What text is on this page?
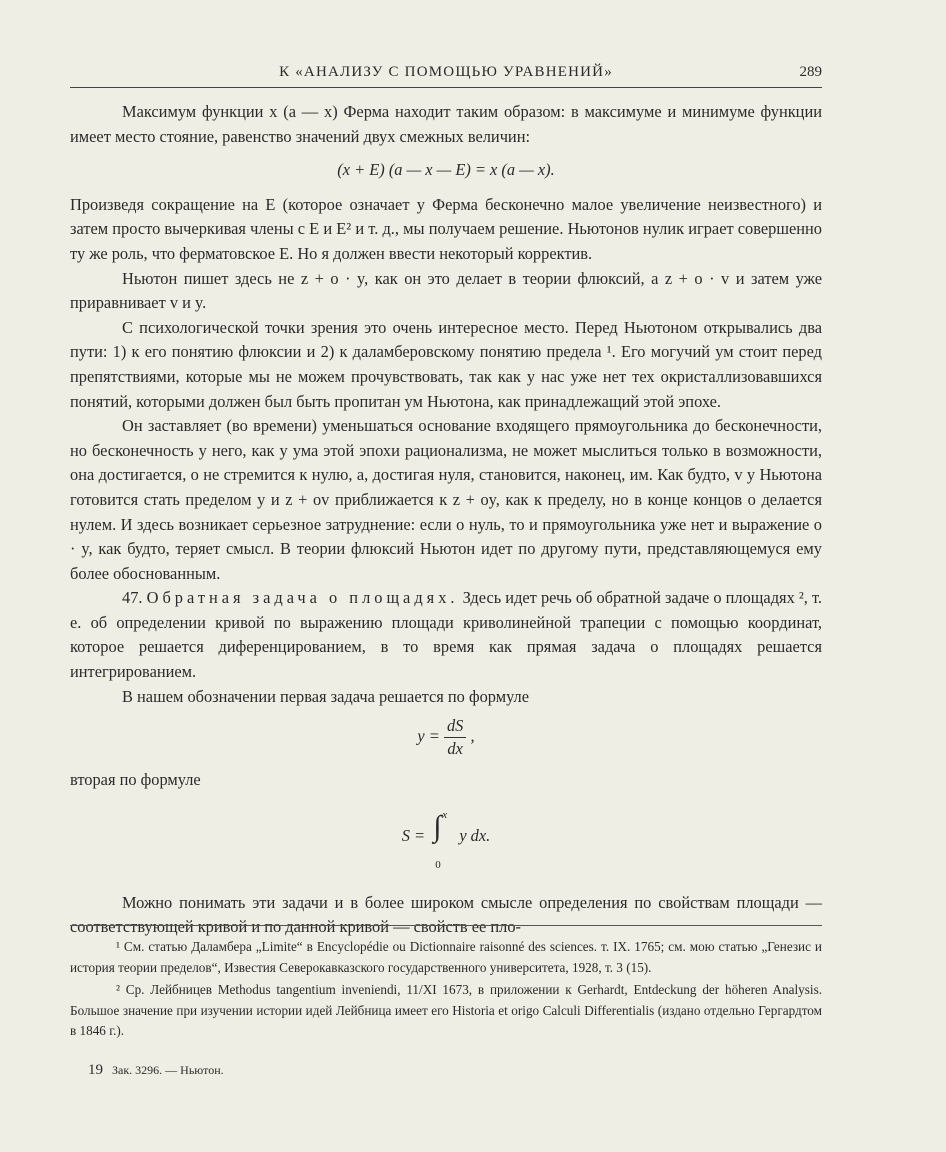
К «АНАЛИЗУ С ПОМОЩЬЮ УРАВНЕНИЙ»	289

Максимум функции x (a — x) Ферма находит таким образом: в максимуме и минимуме функции имеет место стояние, равенство значений двух смежных величин:

(x + E) (a — x — E) = x (a — x).

Произведя сокращение на E (которое означает у Ферма бесконечно малое увеличение неизвестного) и затем просто вычеркивая члены с E и E² и т. д., мы получаем решение. Ньютонов нулик играет совершенно ту же роль, что ферматовское E. Но я должен ввести некоторый корректив.

Ньютон пишет здесь не z + o · y, как он это делает в теории флюксий, а z + o · v и затем уже приравнивает v и y.

С психологической точки зрения это очень интересное место. Перед Ньютоном открывались два пути: 1) к его понятию флюксии и 2) к даламберовскому понятию предела ¹. Его могучий ум стоит перед препятствиями, которые мы не можем прочувствовать, так как у нас уже нет тех окристаллизовавшихся понятий, которыми должен был быть пропитан ум Ньютона, как принадлежащий этой эпохе.

Он заставляет (во времени) уменьшаться основание входящего прямоугольника до бесконечности, но бесконечность у него, как у ума этой эпохи рационализма, не может мыслиться только в возможности, она достигается, o не стремится к нулю, а, достигая нуля, становится, наконец, им. Как будто, v у Ньютона готовится стать пределом y и z + ov приближается к z + oy, как к пределу, но в конце концов o делается нулем. И здесь возникает серьезное затруднение: если o нуль, то и прямоугольника уже нет и выражение o · y, как будто, теряет смысл. В теории флюксий Ньютон идет по другому пути, представляющемуся ему более обоснованным.

47. Обратная задача о площадях. Здесь идет речь об обратной задаче о площадях ², т. е. об определении кривой по выражению площади криволинейной трапеции с помощью координат, которое решается диференцированием, в то время как прямая задача о площадях решается интегрированием.

В нашем обозначении первая задача решается по формуле

$y = \frac{dS}{dx}$ ,

вторая по формуле

S =
x
∫
0
y dx.

Можно понимать эти задачи и в более широком смысле определения по свойствам площади — соответствующей кривой и по данной кривой — свойств ее пло-

¹ См. статью Даламбера „Limite“ в Encyclopédie ou Dictionnaire raisonné des sciences. т. IX. 1765; см. мою статью „Генезис и история теории пределов“, Известия Северокавказского государственного университета, 1928, т. 3 (15).

² Ср. Лейбницев Methodus tangentium inveniendi, 11/XI 1673, в приложении к Gerhardt, Entdeckung der höheren Analysis. Большое значение при изучении истории идей Лейбница имеет его Historia et origo Calculi Differentialis (издано отдельно Гергардтом в 1846 г.).

19 Зак. 3296. — Ньютон.
